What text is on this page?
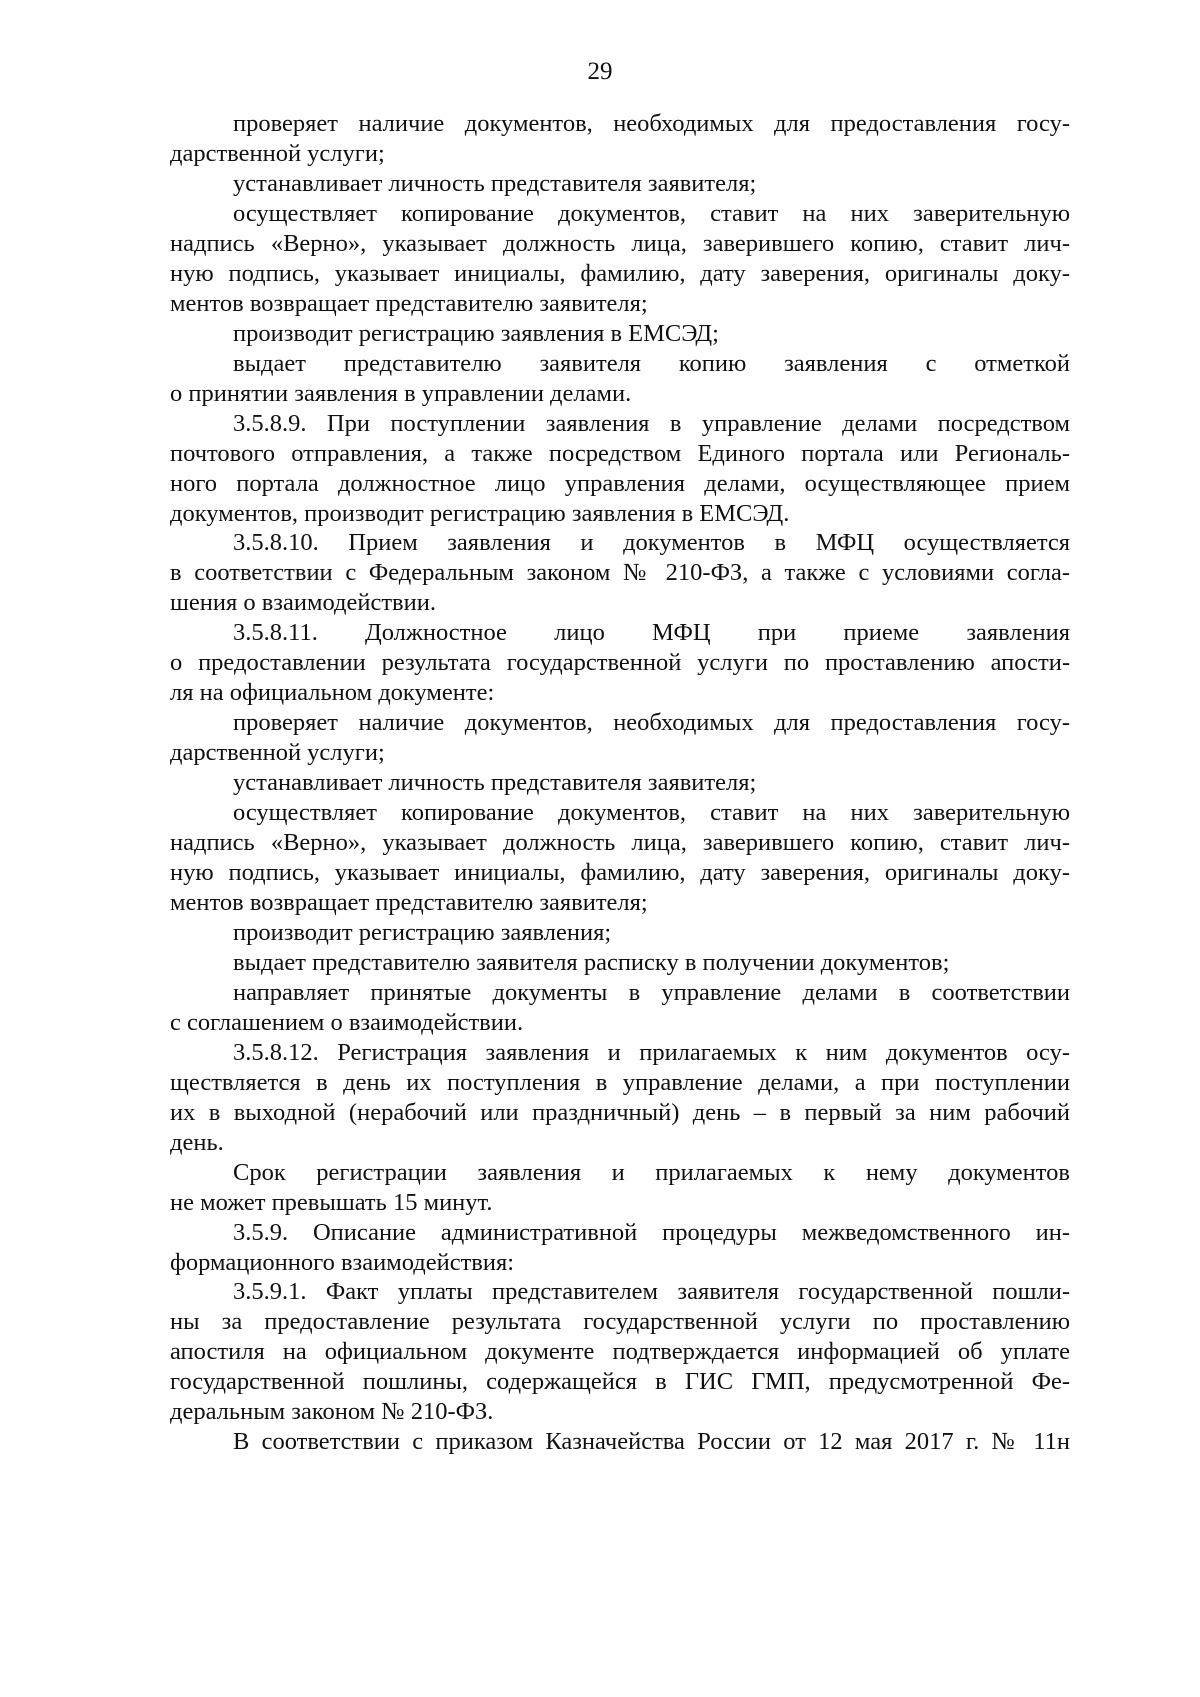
29
проверяет наличие документов, необходимых для предоставления госу-
дарственной услуги;
устанавливает личность представителя заявителя;
осуществляет копирование документов, ставит на них заверительную
надпись «Верно», указывает должность лица, заверившего копию, ставит лич-
ную подпись, указывает инициалы, фамилию, дату заверения, оригиналы доку-
ментов возвращает представителю заявителя;
производит регистрацию заявления в ЕМСЭД;
выдает представителю заявителя копию заявления с отметкой
о принятии заявления в управлении делами.
3.5.8.9. При поступлении заявления в управление делами посредством
почтового отправления, а также посредством Единого портала или Региональ-
ного портала должностное лицо управления делами, осуществляющее прием
документов, производит регистрацию заявления в ЕМСЭД.
3.5.8.10. Прием заявления и документов в МФЦ осуществляется
в соответствии с Федеральным законом № 210-ФЗ, а также с условиями согла-
шения о взаимодействии.
3.5.8.11. Должностное лицо МФЦ при приеме заявления
о предоставлении результата государственной услуги по проставлению апости-
ля на официальном документе:
проверяет наличие документов, необходимых для предоставления госу-
дарственной услуги;
устанавливает личность представителя заявителя;
осуществляет копирование документов, ставит на них заверительную
надпись «Верно», указывает должность лица, заверившего копию, ставит лич-
ную подпись, указывает инициалы, фамилию, дату заверения, оригиналы доку-
ментов возвращает представителю заявителя;
производит регистрацию заявления;
выдает представителю заявителя расписку в получении документов;
направляет принятые документы в управление делами в соответствии
с соглашением о взаимодействии.
3.5.8.12. Регистрация заявления и прилагаемых к ним документов осу-
ществляется в день их поступления в управление делами, а при поступлении
их в выходной (нерабочий или праздничный) день – в первый за ним рабочий
день.
Срок регистрации заявления и прилагаемых к нему документов
не может превышать 15 минут.
3.5.9. Описание административной процедуры межведомственного ин-
формационного взаимодействия:
3.5.9.1. Факт уплаты представителем заявителя государственной пошли-
ны за предоставление результата государственной услуги по проставлению
апостиля на официальном документе подтверждается информацией об уплате
государственной пошлины, содержащейся в ГИС ГМП, предусмотренной Фе-
деральным законом № 210-ФЗ.
В соответствии с приказом Казначейства России от 12 мая 2017 г. № 11н
